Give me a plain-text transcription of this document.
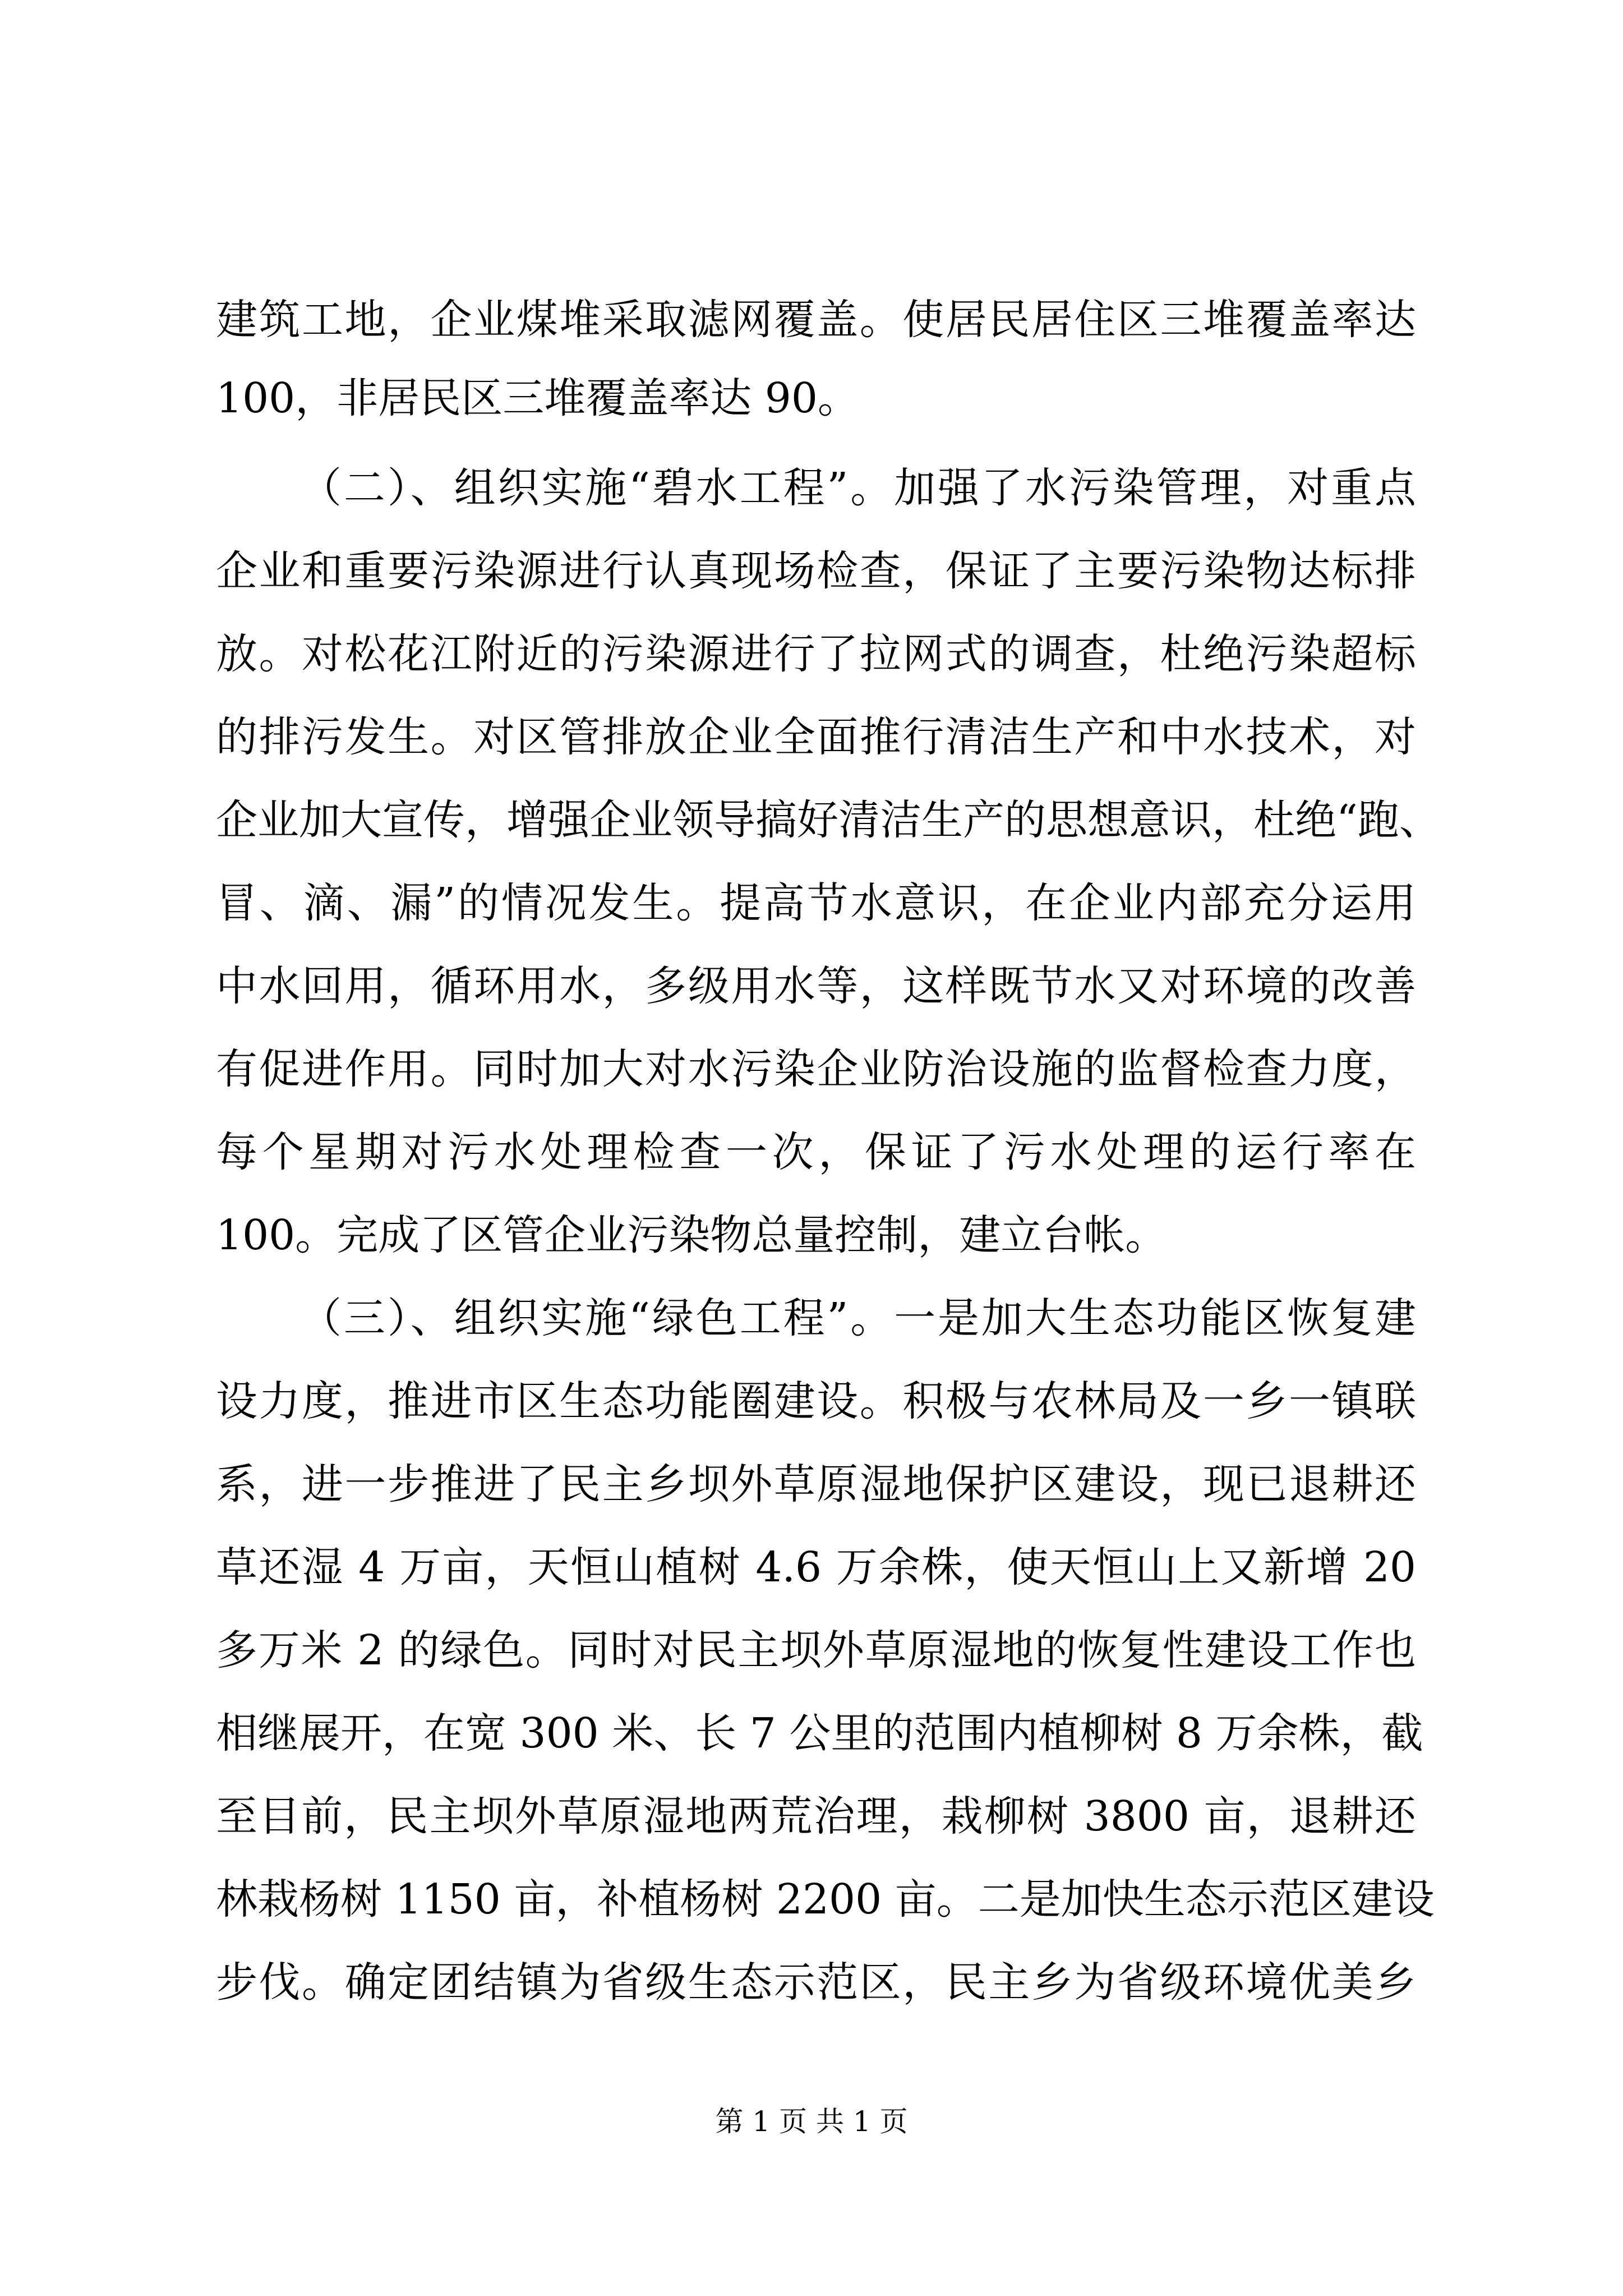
建筑工地，企业煤堆采取滤网覆盖。使居民居住区三堆覆盖率达
100，非居民区三堆覆盖率达 90。
（二）、组织实施“碧水工程”。加强了水污染管理，对重点
企业和重要污染源进行认真现场检查，保证了主要污染物达标排
放。对松花江附近的污染源进行了拉网式的调查，杜绝污染超标
的排污发生。对区管排放企业全面推行清洁生产和中水技术，对
企业加大宣传，增强企业领导搞好清洁生产的思想意识，杜绝“跑、
冒、滴、漏”的情况发生。提高节水意识，在企业内部充分运用
中水回用，循环用水，多级用水等，这样既节水又对环境的改善
有促进作用。同时加大对水污染企业防治设施的监督检查力度，
每个星期对污水处理检查一次，保证了污水处理的运行率在
100。完成了区管企业污染物总量控制，建立台帐。
（三）、组织实施“绿色工程”。一是加大生态功能区恢复建
设力度，推进市区生态功能圈建设。积极与农林局及一乡一镇联
系，进一步推进了民主乡坝外草原湿地保护区建设，现已退耕还
草还湿 4 万亩，天恒山植树 4.6 万余株，使天恒山上又新增 20
多万米 2 的绿色。同时对民主坝外草原湿地的恢复性建设工作也
相继展开，在宽 300 米、长 7 公里的范围内植柳树 8 万余株，截
至目前，民主坝外草原湿地两荒治理，栽柳树 3800 亩，退耕还
林栽杨树 1150 亩，补植杨树 2200 亩。二是加快生态示范区建设
步伐。确定团结镇为省级生态示范区，民主乡为省级环境优美乡
第 1 页 共 1 页
